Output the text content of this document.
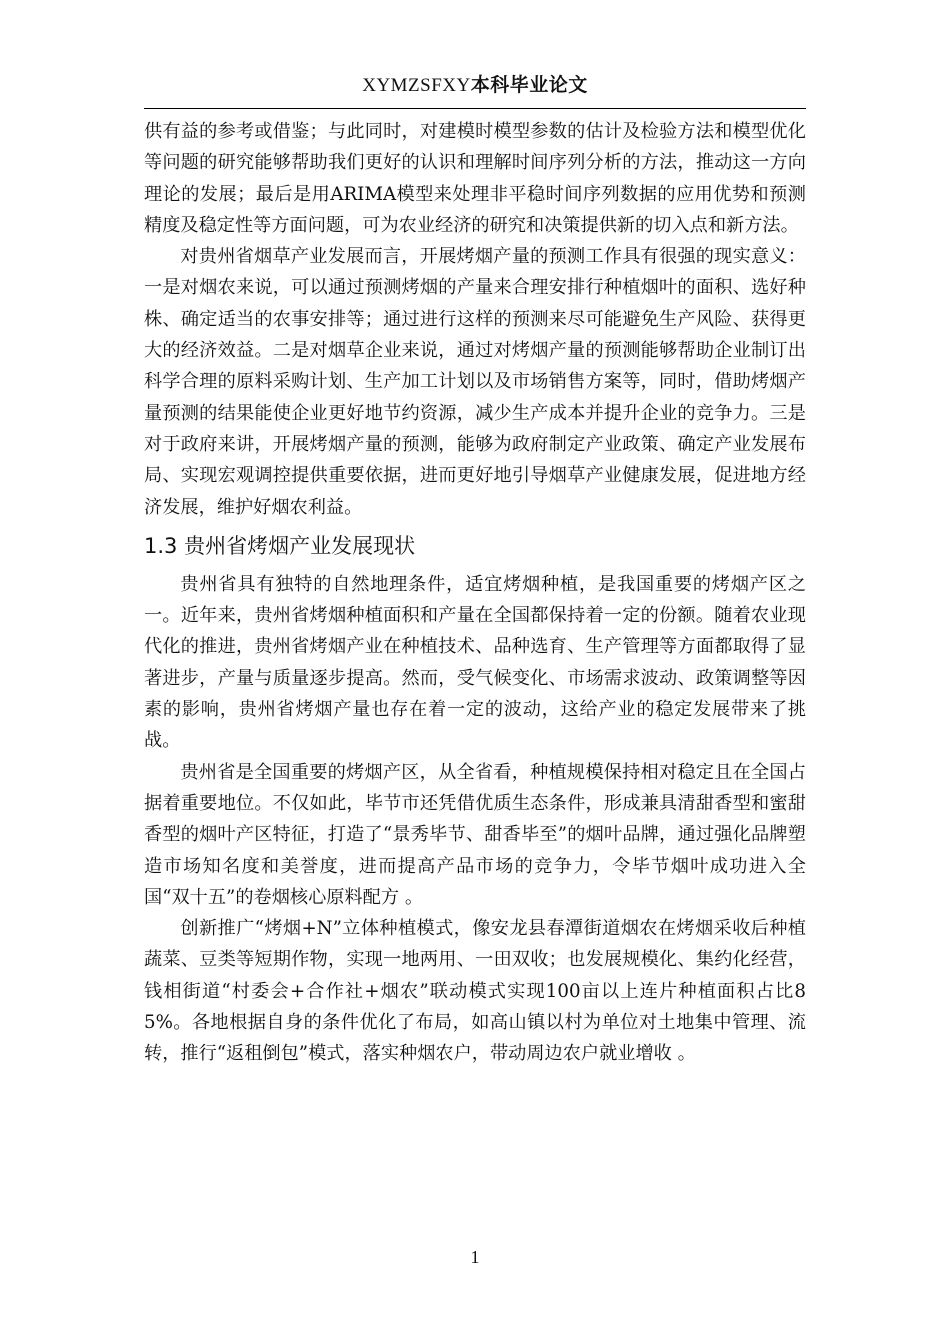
XYMZSFXY本科毕业论文

供有益的参考或借鉴；与此同时，对建模时模型参数的估计及检验方法和模型优化等问题的研究能够帮助我们更好的认识和理解时间序列分析的方法，推动这一方向理论的发展；最后是用ARIMA模型来处理非平稳时间序列数据的应用优势和预测精度及稳定性等方面问题，可为农业经济的研究和决策提供新的切入点和新方法。

对贵州省烟草产业发展而言，开展烤烟产量的预测工作具有很强的现实意义：一是对烟农来说，可以通过预测烤烟的产量来合理安排行种植烟叶的面积、选好种株、确定适当的农事安排等；通过进行这样的预测来尽可能避免生产风险、获得更大的经济效益。二是对烟草企业来说，通过对烤烟产量的预测能够帮助企业制订出科学合理的原料采购计划、生产加工计划以及市场销售方案等，同时，借助烤烟产量预测的结果能使企业更好地节约资源，减少生产成本并提升企业的竞争力。三是对于政府来讲，开展烤烟产量的预测，能够为政府制定产业政策、确定产业发展布局、实现宏观调控提供重要依据，进而更好地引导烟草产业健康发展，促进地方经济发展，维护好烟农利益。

1.3 贵州省烤烟产业发展现状

贵州省具有独特的自然地理条件，适宜烤烟种植，是我国重要的烤烟产区之一。近年来，贵州省烤烟种植面积和产量在全国都保持着一定的份额。随着农业现代化的推进，贵州省烤烟产业在种植技术、品种选育、生产管理等方面都取得了显著进步，产量与质量逐步提高。然而，受气候变化、市场需求波动、政策调整等因素的影响，贵州省烤烟产量也存在着一定的波动，这给产业的稳定发展带来了挑战。

贵州省是全国重要的烤烟产区，从全省看，种植规模保持相对稳定且在全国占据着重要地位。不仅如此，毕节市还凭借优质生态条件，形成兼具清甜香型和蜜甜香型的烟叶产区特征，打造了“景秀毕节、甜香毕至”的烟叶品牌，通过强化品牌塑造市场知名度和美誉度，进而提高产品市场的竞争力，令毕节烟叶成功进入全国“双十五”的卷烟核心原料配方 。

创新推广“烤烟+N”立体种植模式，像安龙县春潭街道烟农在烤烟采收后种植蔬菜、豆类等短期作物，实现一地两用、一田双收；也发展规模化、集约化经营，钱相街道“村委会+合作社+烟农”联动模式实现100亩以上连片种植面积占比85%。各地根据自身的条件优化了布局，如高山镇以村为单位对土地集中管理、流转，推行“返租倒包”模式，落实种烟农户，带动周边农户就业增收 。

1
